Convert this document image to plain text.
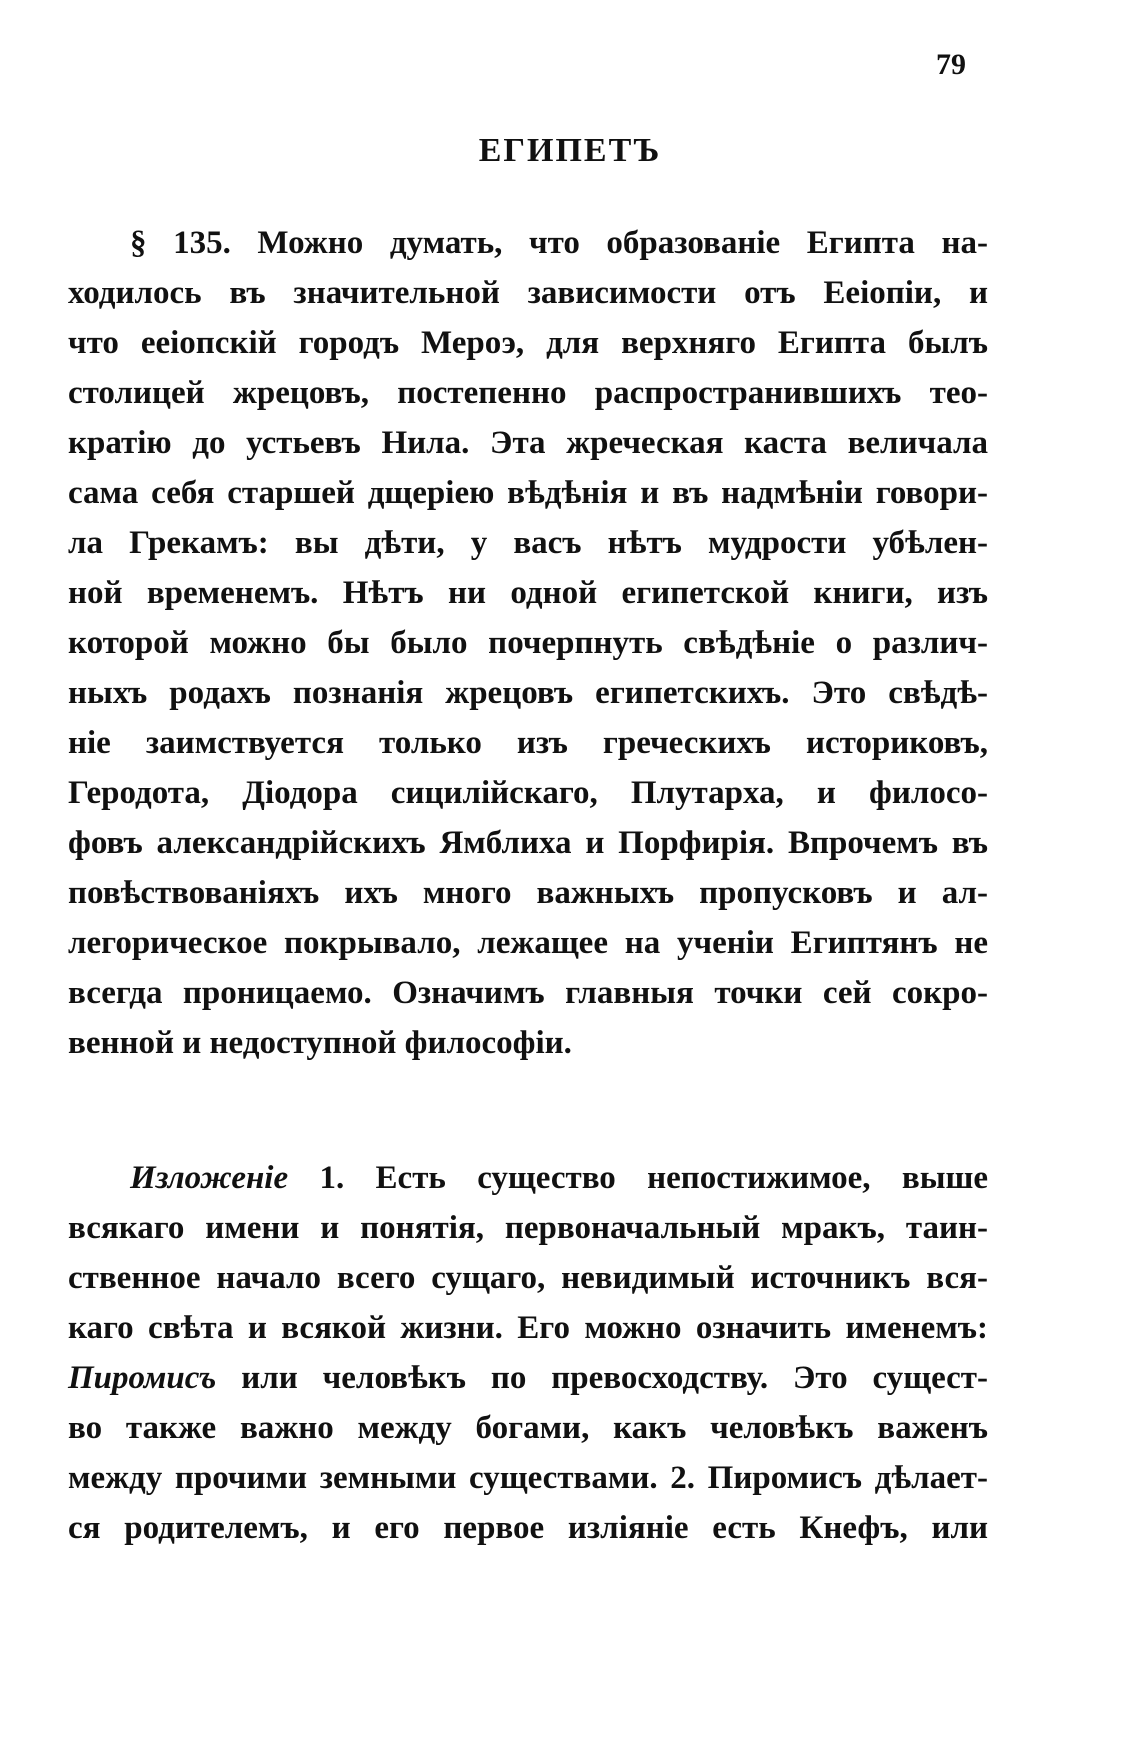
79
ЕГИПЕТЪ
§ 135. Можно думать, что образованіе Египта на-
ходилось въ значительной зависимости отъ Ееіопіи, и
что ееіопскій городъ Мероэ, для верхняго Египта былъ
столицей жрецовъ, постепенно распространившихъ тео-
кратію до устьевъ Нила. Эта жреческая каста величала
сама себя старшей дщеріею вѣдѣнія и въ надмѣніи говори-
ла Грекамъ: вы дѣти, у васъ нѣтъ мудрости убѣлен-
ной временемъ. Нѣтъ ни одной египетской книги, изъ
которой можно бы было почерпнуть свѣдѣніе о различ-
ныхъ родахъ познанія жрецовъ египетскихъ. Это свѣдѣ-
ніе заимствуется только изъ греческихъ историковъ,
Геродота, Діодора сицилійскаго, Плутарха, и филосо-
фовъ александрійскихъ Ямблиха и Порфирія. Впрочемъ въ
повѣствованіяхъ ихъ много важныхъ пропусковъ и ал-
легорическое покрывало, лежащее на ученіи Египтянъ не
всегда проницаемо. Означимъ главныя точки сей сокро-
венной и недоступной философіи.
Изложеніе 1. Есть существо непостижимое, выше
всякаго имени и понятія, первоначальный мракъ, таин-
ственное начало всего сущаго, невидимый источникъ вся-
каго свѣта и всякой жизни. Его можно означить именемъ:
Пиромисъ или человѣкъ по превосходству. Это сущест-
во также важно между богами, какъ человѣкъ важенъ
между прочими земными существами. 2. Пиромисъ дѣлает-
ся родителемъ, и его первое изліяніе есть Кнефъ, или
